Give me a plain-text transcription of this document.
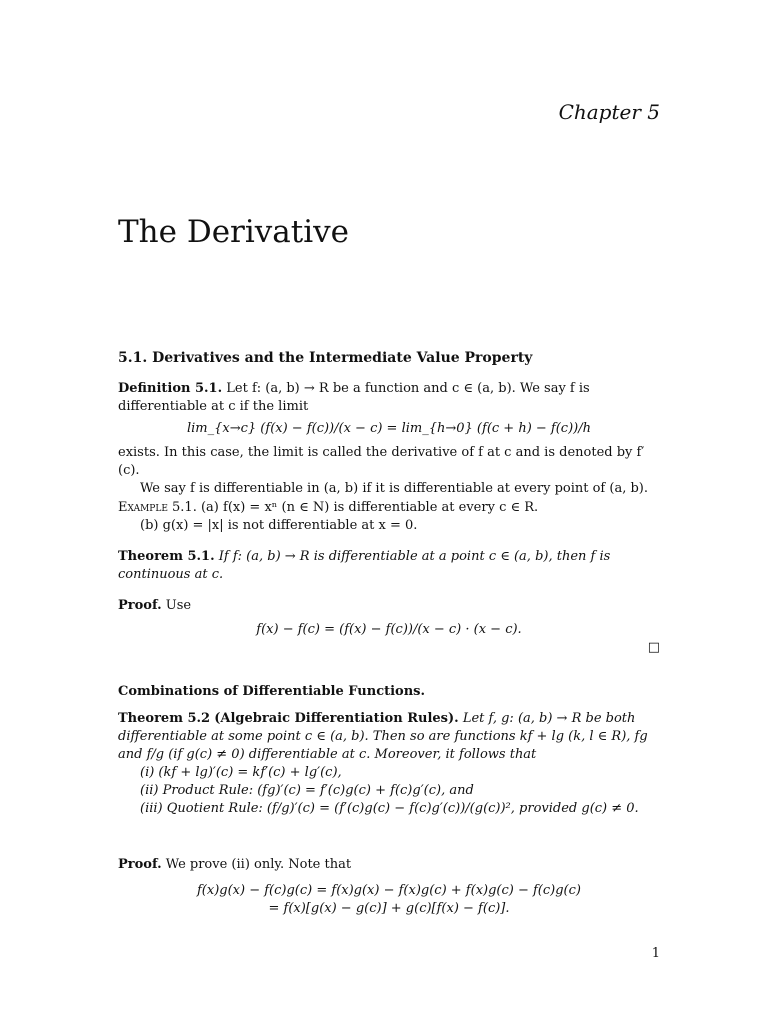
Chapter 5
The Derivative
5.1. Derivatives and the Intermediate Value Property

Definition 5.1. Let f: (a, b) → R be a function and c ∈ (a, b). We say f is differentiable at c if the limit

lim_{x→c} (f(x) − f(c))/(x − c) = lim_{h→0} (f(c + h) − f(c))/h

exists. In this case, the limit is called the derivative of f at c and is denoted by f′(c).

We say f is differentiable in (a, b) if it is differentiable at every point of (a, b).

Example 5.1. (a) f(x) = xⁿ (n ∈ N) is differentiable at every c ∈ R.

(b) g(x) = |x| is not differentiable at x = 0.

Theorem 5.1. If f: (a, b) → R is differentiable at a point c ∈ (a, b), then f is continuous at c.

Proof. Use

f(x) − f(c) = (f(x) − f(c))/(x − c) · (x − c).

□

Combinations of Differentiable Functions.

Theorem 5.2 (Algebraic Differentiation Rules). Let f, g: (a, b) → R be both differentiable at some point c ∈ (a, b). Then so are functions kf + lg (k, l ∈ R), fg and f/g (if g(c) ≠ 0) differentiable at c. Moreover, it follows that

(i) (kf + lg)′(c) = kf′(c) + lg′(c),

(ii) Product Rule: (fg)′(c) = f′(c)g(c) + f(c)g′(c), and

(iii) Quotient Rule: (f/g)′(c) = (f′(c)g(c) − f(c)g′(c))/(g(c))², provided g(c) ≠ 0.

Proof. We prove (ii) only. Note that

f(x)g(x) − f(c)g(c) = f(x)g(x) − f(x)g(c) + f(x)g(c) − f(c)g(c)

= f(x)[g(x) − g(c)] + g(c)[f(x) − f(c)].

1
